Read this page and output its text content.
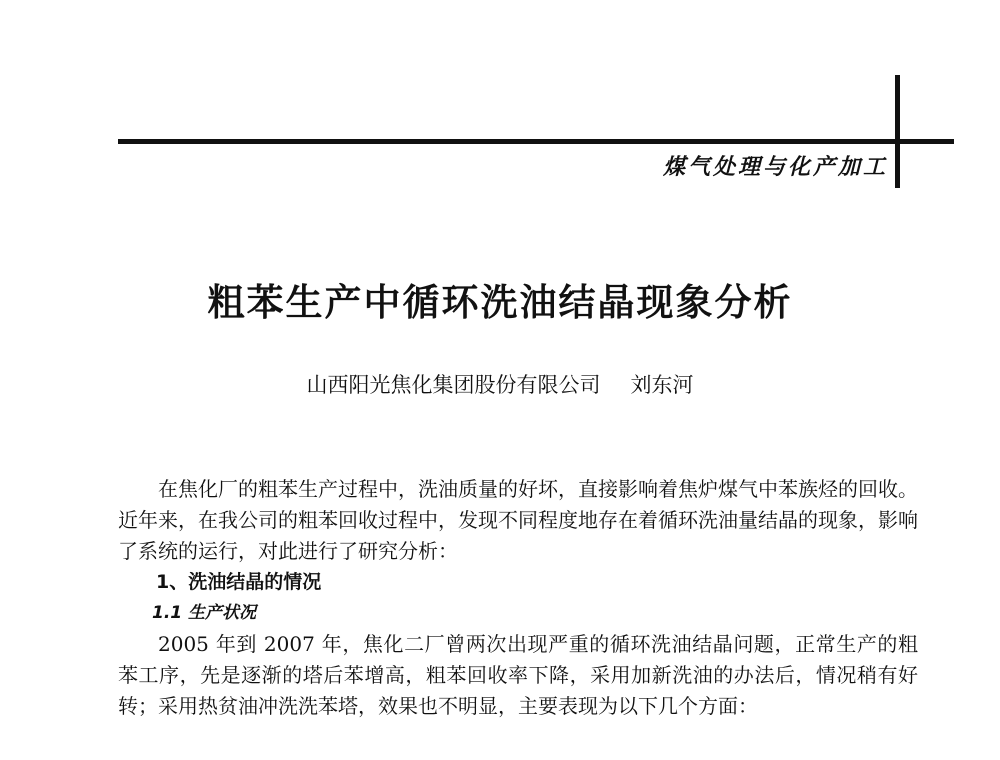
煤气处理与化产加工
粗苯生产中循环洗油结晶现象分析
山西阳光焦化集团股份有限公司 刘东河

在焦化厂的粗苯生产过程中，洗油质量的好坏，直接影响着焦炉煤气中苯族烃的回收。近年来，在我公司的粗苯回收过程中，发现不同程度地存在着循环洗油量结晶的现象，影响了系统的运行，对此进行了研究分析：

1、洗油结晶的情况

1.1 生产状况

2005 年到 2007 年，焦化二厂曾两次出现严重的循环洗油结晶问题，正常生产的粗苯工序，先是逐渐的塔后苯增高，粗苯回收率下降，采用加新洗油的办法后，情况稍有好转；采用热贫油冲洗洗苯塔，效果也不明显，主要表现为以下几个方面：
